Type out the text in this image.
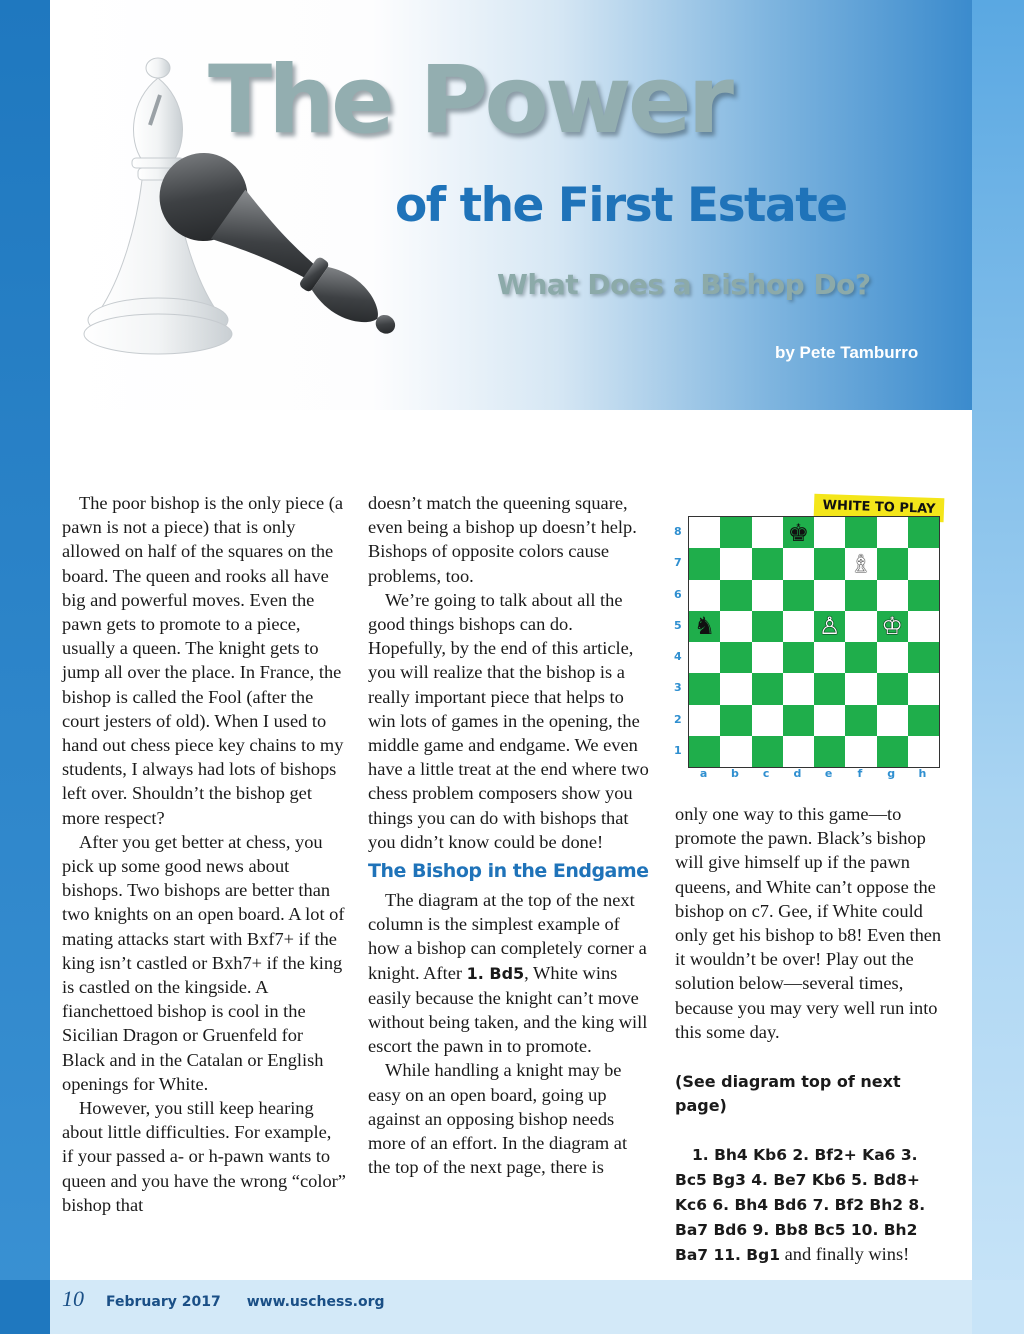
The Power
of the First Estate
What Does a Bishop Do?
by Pete Tamburro

The poor bishop is the only piece (a pawn is not a piece) that is only allowed on half of the squares on the board. The queen and rooks all have big and powerful moves. Even the pawn gets to promote to a piece, usually a queen. The knight gets to jump all over the place. In France, the bishop is called the Fool (after the court jesters of old). When I used to hand out chess piece key chains to my students, I always had lots of bishops left over. Shouldn’t the bishop get more respect?

After you get better at chess, you pick up some good news about bishops. Two bishops are better than two knights on an open board. A lot of mating attacks start with Bxf7+ if the king isn’t castled or Bxh7+ if the king is castled on the kingside. A fianchettoed bishop is cool in the Sicilian Dragon or Gruenfeld for Black and in the Catalan or English openings for White.

However, you still keep hearing about little difficulties. For example, if your passed a- or h-pawn wants to queen and you have the wrong “color” bishop that

doesn’t match the queening square, even being a bishop up doesn’t help. Bishops of opposite colors cause problems, too.

We’re going to talk about all the good things bishops can do. Hopefully, by the end of this article, you will realize that the bishop is a really important piece that helps to win lots of games in the opening, the middle game and endgame. We even have a little treat at the end where two chess problem composers show you things you can do with bishops that you didn’t know could be done!

The Bishop in the Endgame

The diagram at the top of the next column is the simplest example of how a bishop can completely corner a knight. After 1. Bd5, White wins easily because the knight can’t move without being taken, and the king will escort the pawn in to promote.

While handling a knight may be easy on an open board, going up against an opposing bishop needs more of an effort. In the diagram at the top of the next page, there is

WHITE TO PLAY
8
7
6
5
4
3
2
1
♚
♗
♞	♙ ♔
a	b	c	d	e	f	g	h

only one way to this game—to promote the pawn. Black’s bishop will give himself up if the pawn queens, and White can’t oppose the bishop on c7. Gee, if White could only get his bishop to b8! Even then it wouldn’t be over! Play out the solution below—several times, because you may very well run into this some day.

(See diagram top of next page)

1. Bh4 Kb6 2. Bf2+ Ka6 3. Bc5 Bg3 4. Be7 Kb6 5. Bd8+ Kc6 6. Bh4 Bd6 7. Bf2 Bh2 8. Ba7 Bd6 9. Bb8 Bc5 10. Bh2 Ba7 11. Bg1 and finally wins!

10 February 2017 www.uschess.org
